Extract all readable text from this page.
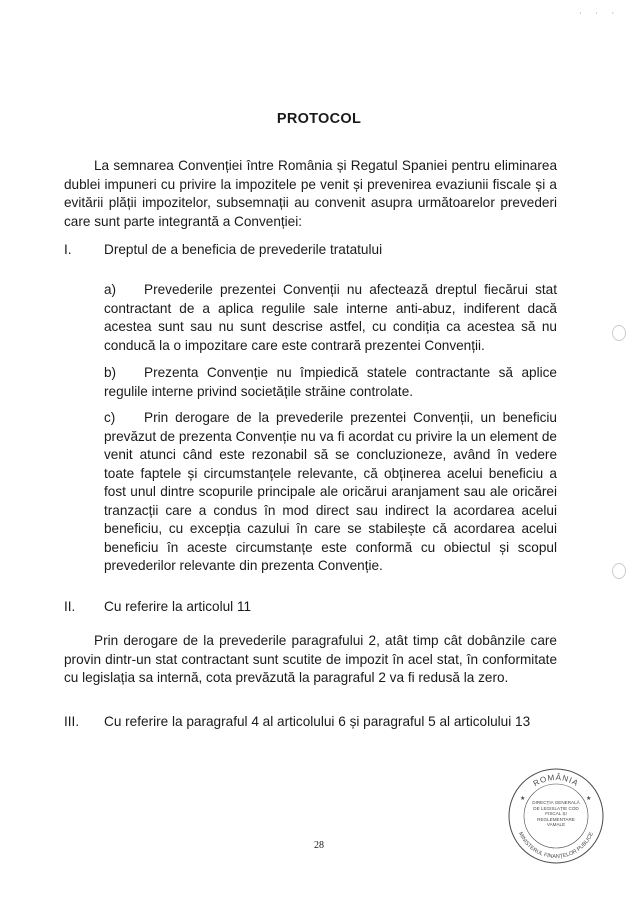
· · ·
PROTOCOL
La semnarea Convenției între România și Regatul Spaniei pentru eliminarea dublei impuneri cu privire la impozitele pe venit și prevenirea evaziunii fiscale și a evitării plății impozitelor, subsemnații au convenit asupra următoarelor prevederi care sunt parte integrantă a Convenției:
I. Dreptul de a beneficia de prevederile tratatului
a) Prevederile prezentei Convenții nu afectează dreptul fiecărui stat contractant de a aplica regulile sale interne anti-abuz, indiferent dacă acestea sunt sau nu sunt descrise astfel, cu condiția ca acestea să nu conducă la o impozitare care este contrară prezentei Convenții.
b) Prezenta Convenție nu împiedică statele contractante să aplice regulile interne privind societățile străine controlate.
c) Prin derogare de la prevederile prezentei Convenții, un beneficiu prevăzut de prezenta Convenție nu va fi acordat cu privire la un element de venit atunci când este rezonabil să se concluzioneze, având în vedere toate faptele și circumstanțele relevante, că obținerea acelui beneficiu a fost unul dintre scopurile principale ale oricărui aranjament sau ale oricărei tranzacții care a condus în mod direct sau indirect la acordarea acelui beneficiu, cu excepția cazului în care se stabilește că acordarea acelui beneficiu în aceste circumstanțe este conformă cu obiectul și scopul prevederilor relevante din prezenta Convenție.
II. Cu referire la articolul 11
Prin derogare de la prevederile paragrafului 2, atât timp cât dobânzile care provin dintr-un stat contractant sunt scutite de impozit în acel stat, în conformitate cu legislația sa internă, cota prevăzută la paragraful 2 va fi redusă la zero.
III. Cu referire la paragraful 4 al articolului 6 și paragraful 5 al articolului 13
ROMÂNIA
MINISTERUL FINANȚELOR PUBLICE
★	★
DIRECȚIA GENERALĂ DE LEGISLAȚIE COD FISCAL ȘI REGLEMENTARE VAMALE
28
